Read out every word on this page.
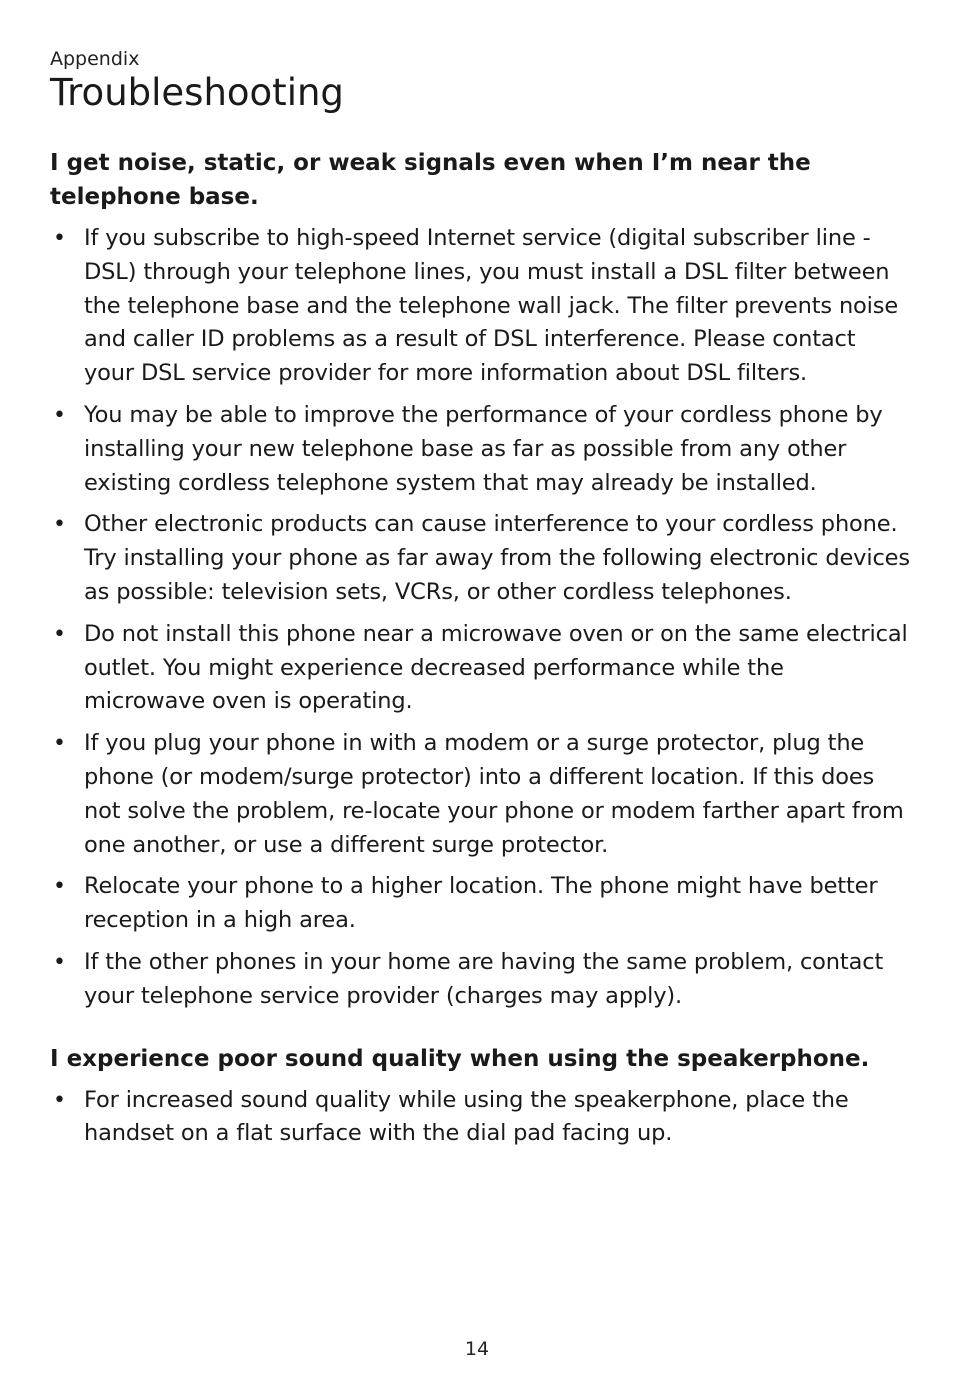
Appendix

Troubleshooting
I get noise, static, or weak signals even when I’m near the telephone base.
• If you subscribe to high-speed Internet service (digital subscriber line - DSL) through your telephone lines, you must install a DSL filter between the telephone base and the telephone wall jack. The filter prevents noise and caller ID problems as a result of DSL interference. Please contact your DSL service provider for more information about DSL filters.
• You may be able to improve the performance of your cordless phone by installing your new telephone base as far as possible from any other existing cordless telephone system that may already be installed.
• Other electronic products can cause interference to your cordless phone. Try installing your phone as far away from the following electronic devices as possible: television sets, VCRs, or other cordless telephones.
• Do not install this phone near a microwave oven or on the same electrical outlet. You might experience decreased performance while the microwave oven is operating.
• If you plug your phone in with a modem or a surge protector, plug the phone (or modem/surge protector) into a different location. If this does not solve the problem, re-locate your phone or modem farther apart from one another, or use a different surge protector.
• Relocate your phone to a higher location. The phone might have better reception in a high area.
• If the other phones in your home are having the same problem, contact your telephone service provider (charges may apply).
I experience poor sound quality when using the speakerphone.
• For increased sound quality while using the speakerphone, place the handset on a flat surface with the dial pad facing up.
14
